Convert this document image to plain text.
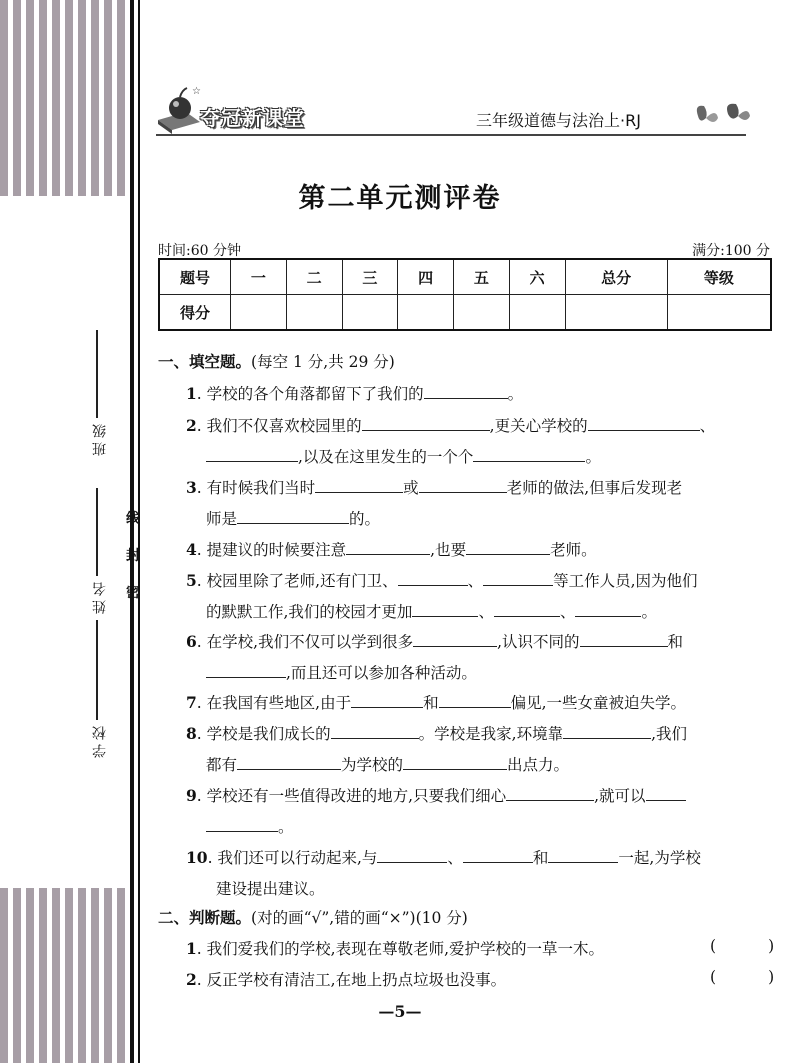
班级
姓名
学校
线
封
密
☆
夺冠新课堂	三年级道德与法治上·RJ
第二单元测评卷
时间:60 分钟	满分:100 分
题号	一	二	三	四	五	六	总分	等级
得分								
一、填空题。(每空 1 分,共 29 分)
1. 学校的各个角落都留下了我们的	。
2. 我们不仅喜欢校园里的	,更关心学校的	、
,以及在这里发生的一个个	。
3. 有时候我们当时	或	老师的做法,但事后发现老
师是	的。
4. 提建议的时候要注意	,也要	老师。
5. 校园里除了老师,还有门卫、	、	等工作人员,因为他们
的默默工作,我们的校园才更加	、	、	。
6. 在学校,我们不仅可以学到很多	,认识不同的	和
,而且还可以参加各种活动。
7. 在我国有些地区,由于	和	偏见,一些女童被迫失学。
8. 学校是我们成长的	。学校是我家,环境靠	,我们
都有	为学校的	出点力。
9. 学校还有一些值得改进的地方,只要我们细心	,就可以
。
10. 我们还可以行动起来,与	、	和	一起,为学校
建设提出建议。
二、判断题。(对的画“√”,错的画“×”)(10 分)
1. 我们爱我们的学校,表现在尊敬老师,爱护学校的一草一木。	(	)
2. 反正学校有清洁工,在地上扔点垃圾也没事。	(	)
—5—
